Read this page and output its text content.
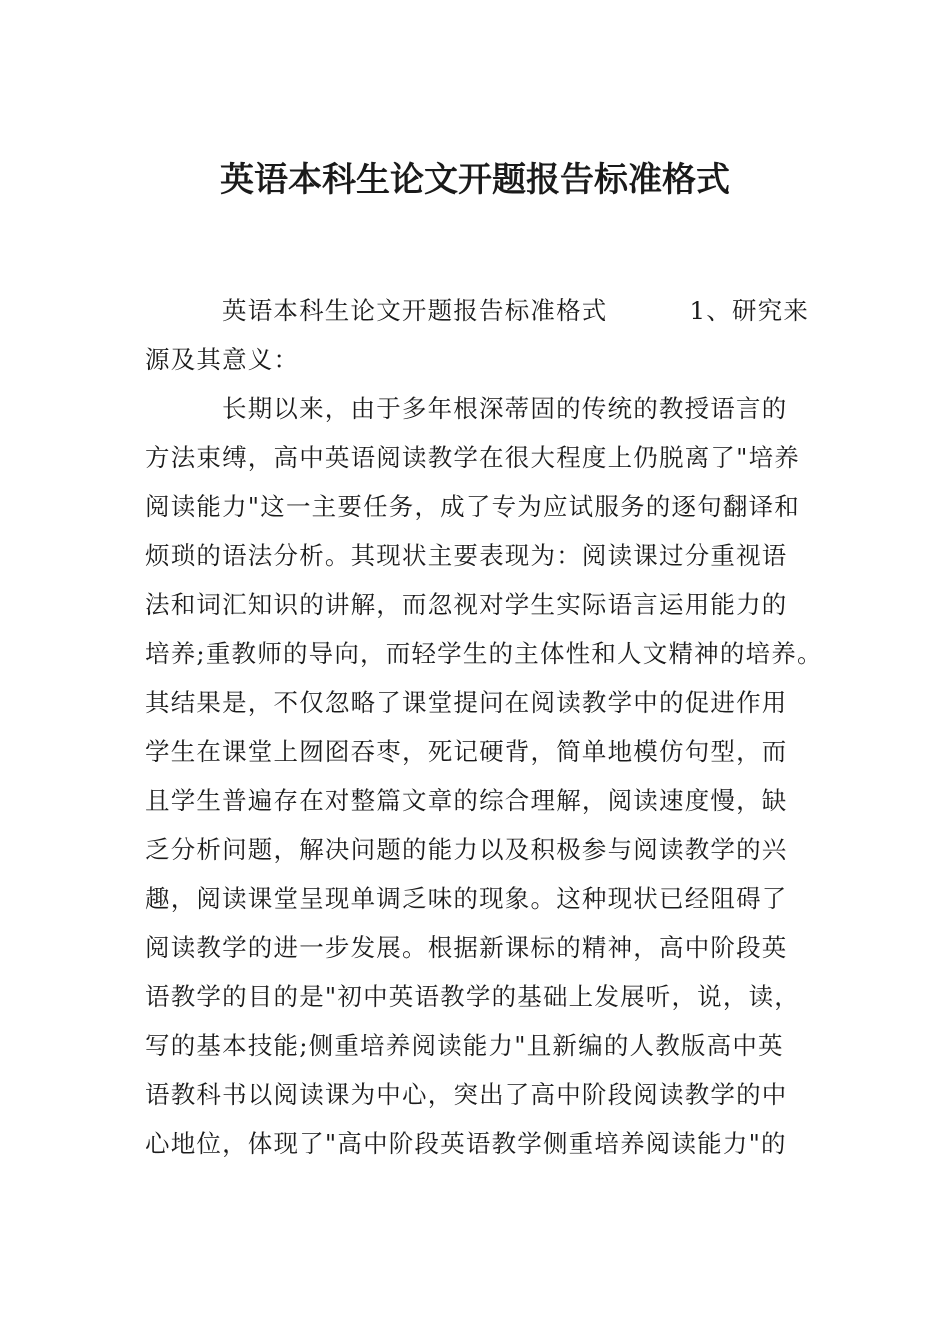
英语本科生论文开题报告标准格式
英语本科生论文开题报告标准格式	1、研究来
源及其意义：
长期以来，由于多年根深蒂固的传统的教授语言的
方法束缚，高中英语阅读教学在很大程度上仍脱离了"培养
阅读能力"这一主要任务，成了专为应试服务的逐句翻译和
烦琐的语法分析。其现状主要表现为：阅读课过分重视语
法和词汇知识的讲解，而忽视对学生实际语言运用能力的
培养;重教师的导向，而轻学生的主体性和人文精神的培养。
其结果是，不仅忽略了课堂提问在阅读教学中的促进作用
学生在课堂上囫囵吞枣，死记硬背，简单地模仿句型，而
且学生普遍存在对整篇文章的综合理解，阅读速度慢，缺
乏分析问题，解决问题的能力以及积极参与阅读教学的兴
趣，阅读课堂呈现单调乏味的现象。这种现状已经阻碍了
阅读教学的进一步发展。根据新课标的精神，高中阶段英
语教学的目的是"初中英语教学的基础上发展听，说，读，
写的基本技能;侧重培养阅读能力"且新编的人教版高中英
语教科书以阅读课为中心，突出了高中阶段阅读教学的中
心地位，体现了"高中阶段英语教学侧重培养阅读能力"的
